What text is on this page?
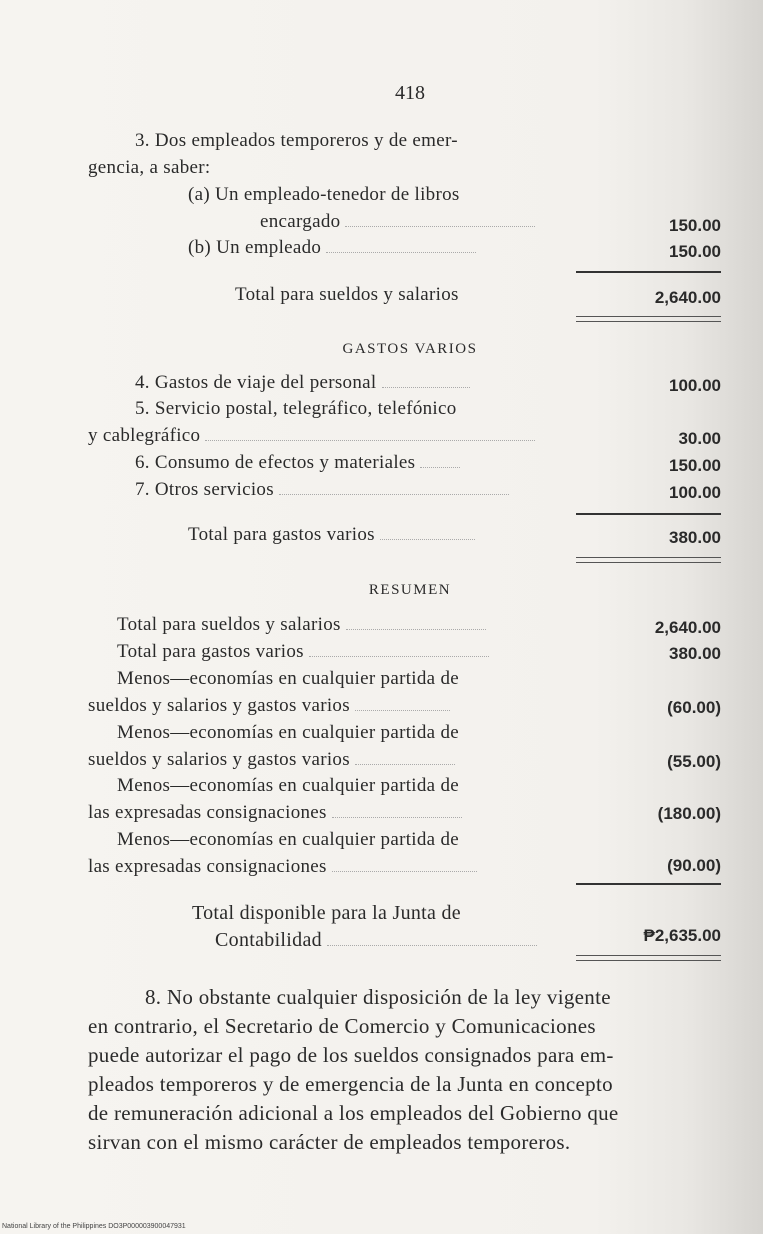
418
3. Dos empleados temporeros y de emer-
gencia, a saber:
(a) Un empleado-tenedor de libros
encargado	150.00
(b) Un empleado	150.00
Total para sueldos y salarios	2,640.00
GASTOS VARIOS
4. Gastos de viaje del personal	100.00
5. Servicio postal, telegráfico, telefónico
y cablegráfico	30.00
6. Consumo de efectos y materiales	150.00
7. Otros servicios	100.00
Total para gastos varios	380.00
RESUMEN
Total para sueldos y salarios	2,640.00
Total para gastos varios	380.00
Menos—economías en cualquier partida de
sueldos y salarios y gastos varios	(60.00)
Menos—economías en cualquier partida de
sueldos y salarios y gastos varios	(55.00)
Menos—economías en cualquier partida de
las expresadas consignaciones	(180.00)
Menos—economías en cualquier partida de
las expresadas consignaciones	(90.00)
Total disponible para la Junta de
Contabilidad	₱2,635.00
8. No obstante cualquier disposición de la ley vigente
en contrario, el Secretario de Comercio y Comunicaciones
puede autorizar el pago de los sueldos consignados para em-
pleados temporeros y de emergencia de la Junta en concepto
de remuneración adicional a los empleados del Gobierno que
sirvan con el mismo carácter de empleados temporeros.
National Library of the Philippines DO3P000003900047931
